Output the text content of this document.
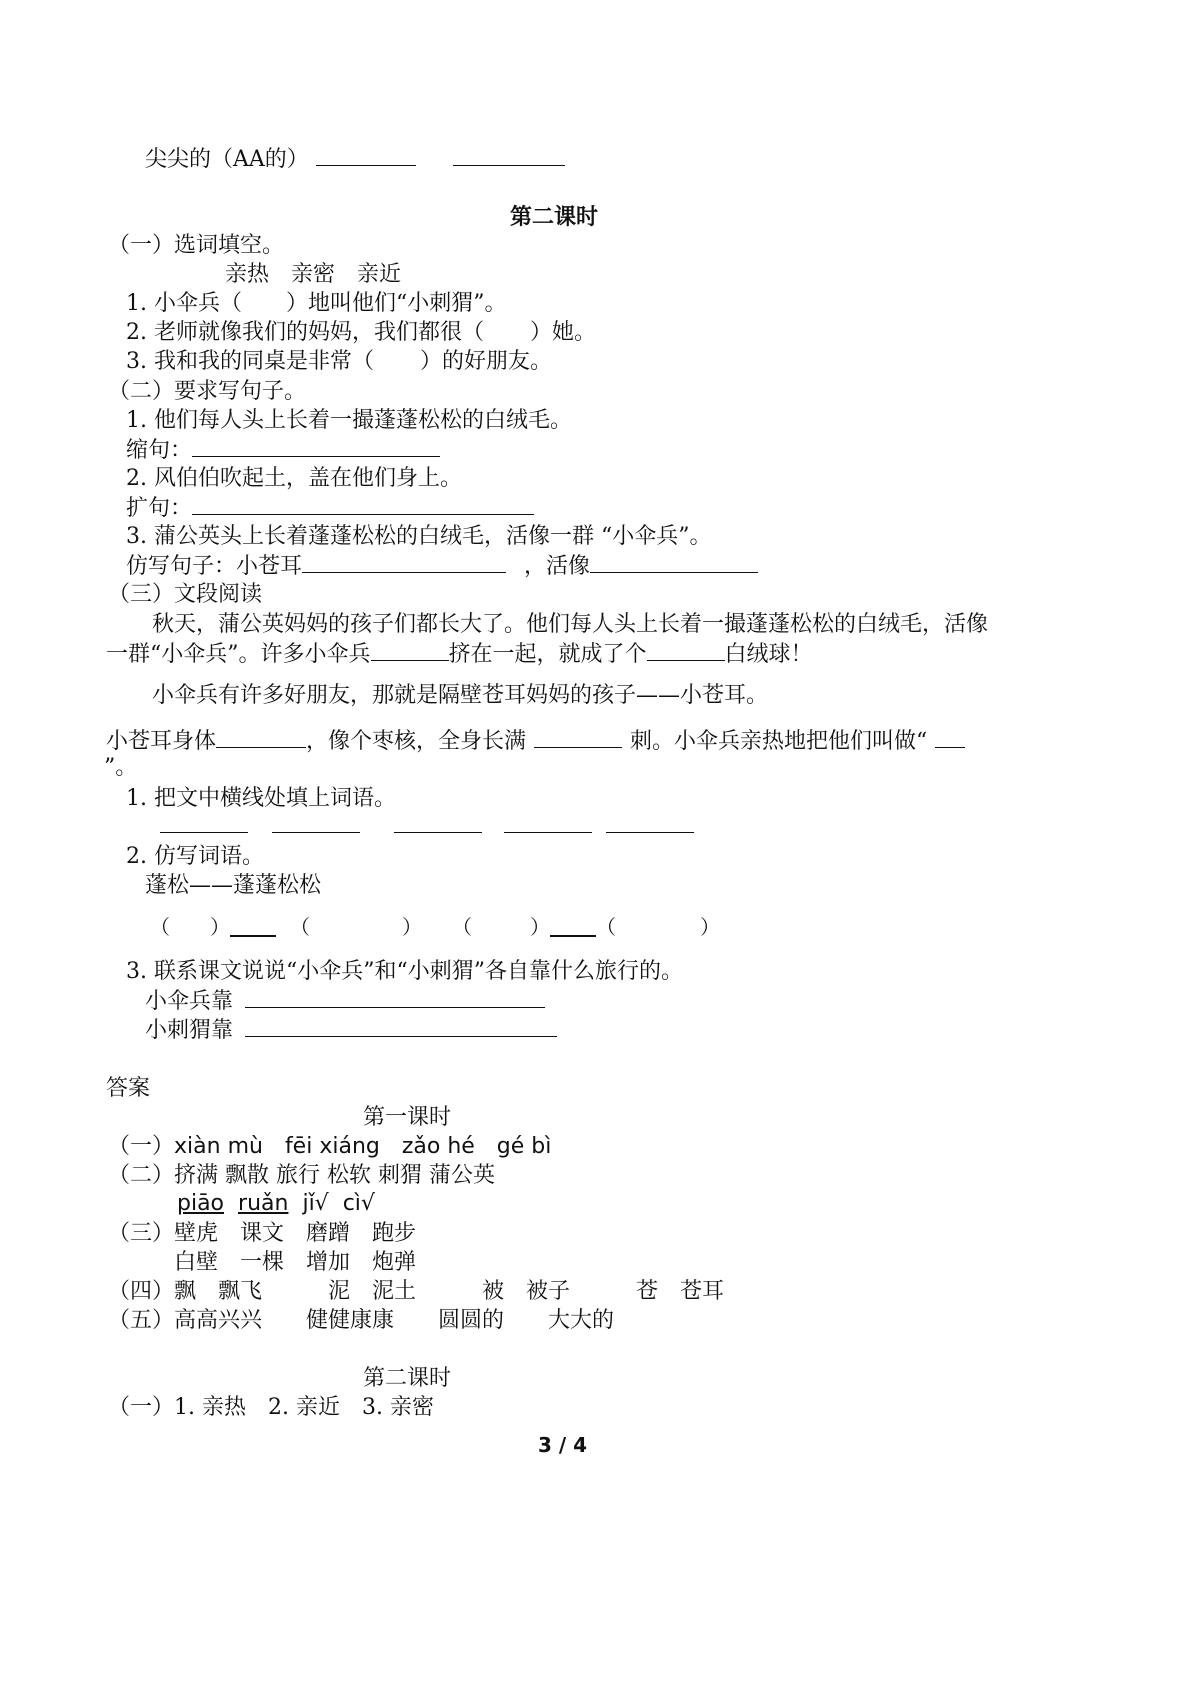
尖尖的（AA的）
第二课时
（一）选词填空。
亲热　亲密　亲近
1. 小伞兵（ ）地叫他们“小刺猬”。
2. 老师就像我们的妈妈，我们都很（ ）她。
3. 我和我的同桌是非常（ ）的好朋友。
（二）要求写句子。
1. 他们每人头上长着一撮蓬蓬松松的白绒毛。
缩句：
2. 风伯伯吹起土，盖在他们身上。
扩句：
3. 蒲公英头上长着蓬蓬松松的白绒毛，活像一群 “小伞兵”。
仿写句子：小苍耳	，活像
（三）文段阅读
秋天，蒲公英妈妈的孩子们都长大了。他们每人头上长着一撮蓬蓬松松的白绒毛，活像
一群“小伞兵”。许多小伞兵	挤在一起，就成了个	白绒球！
小伞兵有许多好朋友，那就是隔壁苍耳妈妈的孩子——小苍耳。
小苍耳身体	，像个枣核，全身长满	刺。小伞兵亲热地把他们叫做“
”。
1. 把文中横线处填上词语。
2. 仿写词语。
蓬松——蓬蓬松松
（ ）	（	） （	） （	）
3. 联系课文说说“小伞兵”和“小刺猬”各自靠什么旅行的。
小伞兵靠
小刺猬靠
答案
第一课时
（一）xiàn mù　fēi xiáng　zǎo hé　gé bì
（二）挤满 飘散 旅行 松软 刺猬 蒲公英
piāo ruǎn jǐ√ cì√
（三）壁虎　课文　磨蹭　跑步
白壁　一棵　增加　炮弹
（四）飘　飘飞　　　泥　泥土　　　被　被子　　　苍　苍耳
（五）高高兴兴　　健健康康　　圆圆的　　大大的
第二课时
（一）1. 亲热　2. 亲近　3. 亲密
3 / 4
